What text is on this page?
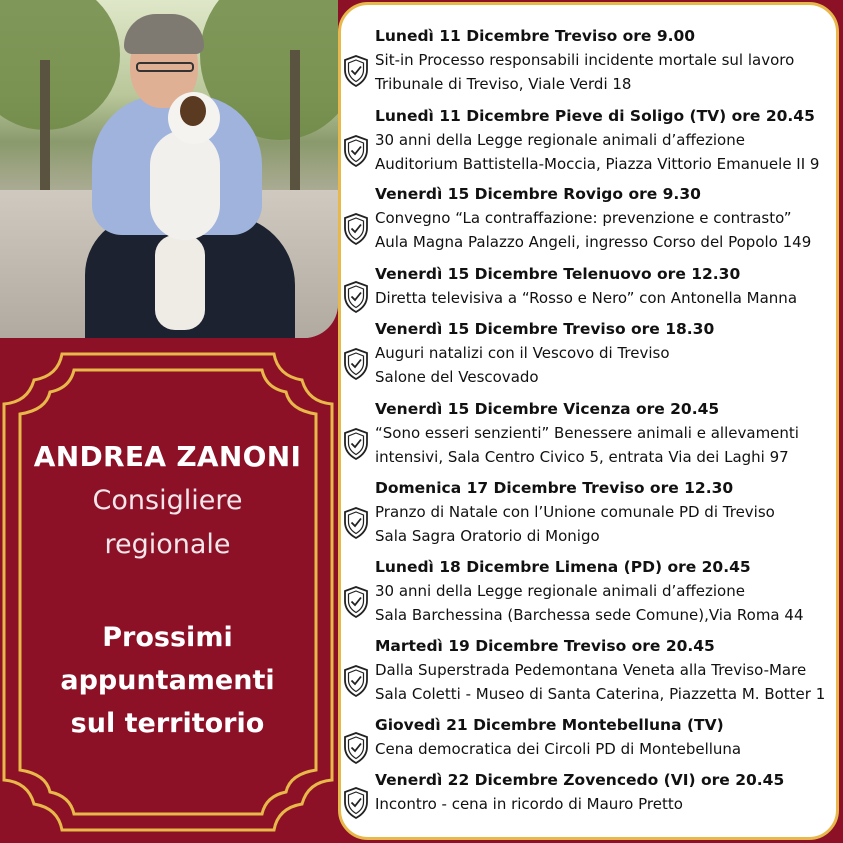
ANDREA ZANONI
Consigliere
regionale
Prossimi
appuntamenti
sul territorio
Lunedì 11 Dicembre Treviso ore 9.00
Sit-in Processo responsabili incidente mortale sul lavoro
Tribunale di Treviso, Viale Verdi 18
Lunedì 11 Dicembre Pieve di Soligo (TV) ore 20.45
30 anni della Legge regionale animali d’affezione
Auditorium Battistella-Moccia, Piazza Vittorio Emanuele II 9
Venerdì 15 Dicembre Rovigo ore 9.30
Convegno “La contraffazione: prevenzione e contrasto”
Aula Magna Palazzo Angeli, ingresso Corso del Popolo 149
Venerdì 15 Dicembre Telenuovo ore 12.30
Diretta televisiva a “Rosso e Nero” con Antonella Manna
Venerdì 15 Dicembre Treviso ore 18.30
Auguri natalizi con il Vescovo di Treviso
Salone del Vescovado
Venerdì 15 Dicembre Vicenza ore 20.45
“Sono esseri senzienti” Benessere animali e allevamenti
intensivi, Sala Centro Civico 5, entrata Via dei Laghi 97
Domenica 17 Dicembre Treviso ore 12.30
Pranzo di Natale con l’Unione comunale PD di Treviso
Sala Sagra Oratorio di Monigo
Lunedì 18 Dicembre Limena (PD) ore 20.45
30 anni della Legge regionale animali d’affezione
Sala Barchessina (Barchessa sede Comune),Via Roma 44
Martedì 19 Dicembre Treviso ore 20.45
Dalla Superstrada Pedemontana Veneta alla Treviso-Mare
Sala Coletti - Museo di Santa Caterina, Piazzetta M. Botter 1
Giovedì 21 Dicembre Montebelluna (TV)
Cena democratica dei Circoli PD di Montebelluna
Venerdì 22 Dicembre Zovencedo (VI) ore 20.45
Incontro - cena in ricordo di Mauro Pretto
